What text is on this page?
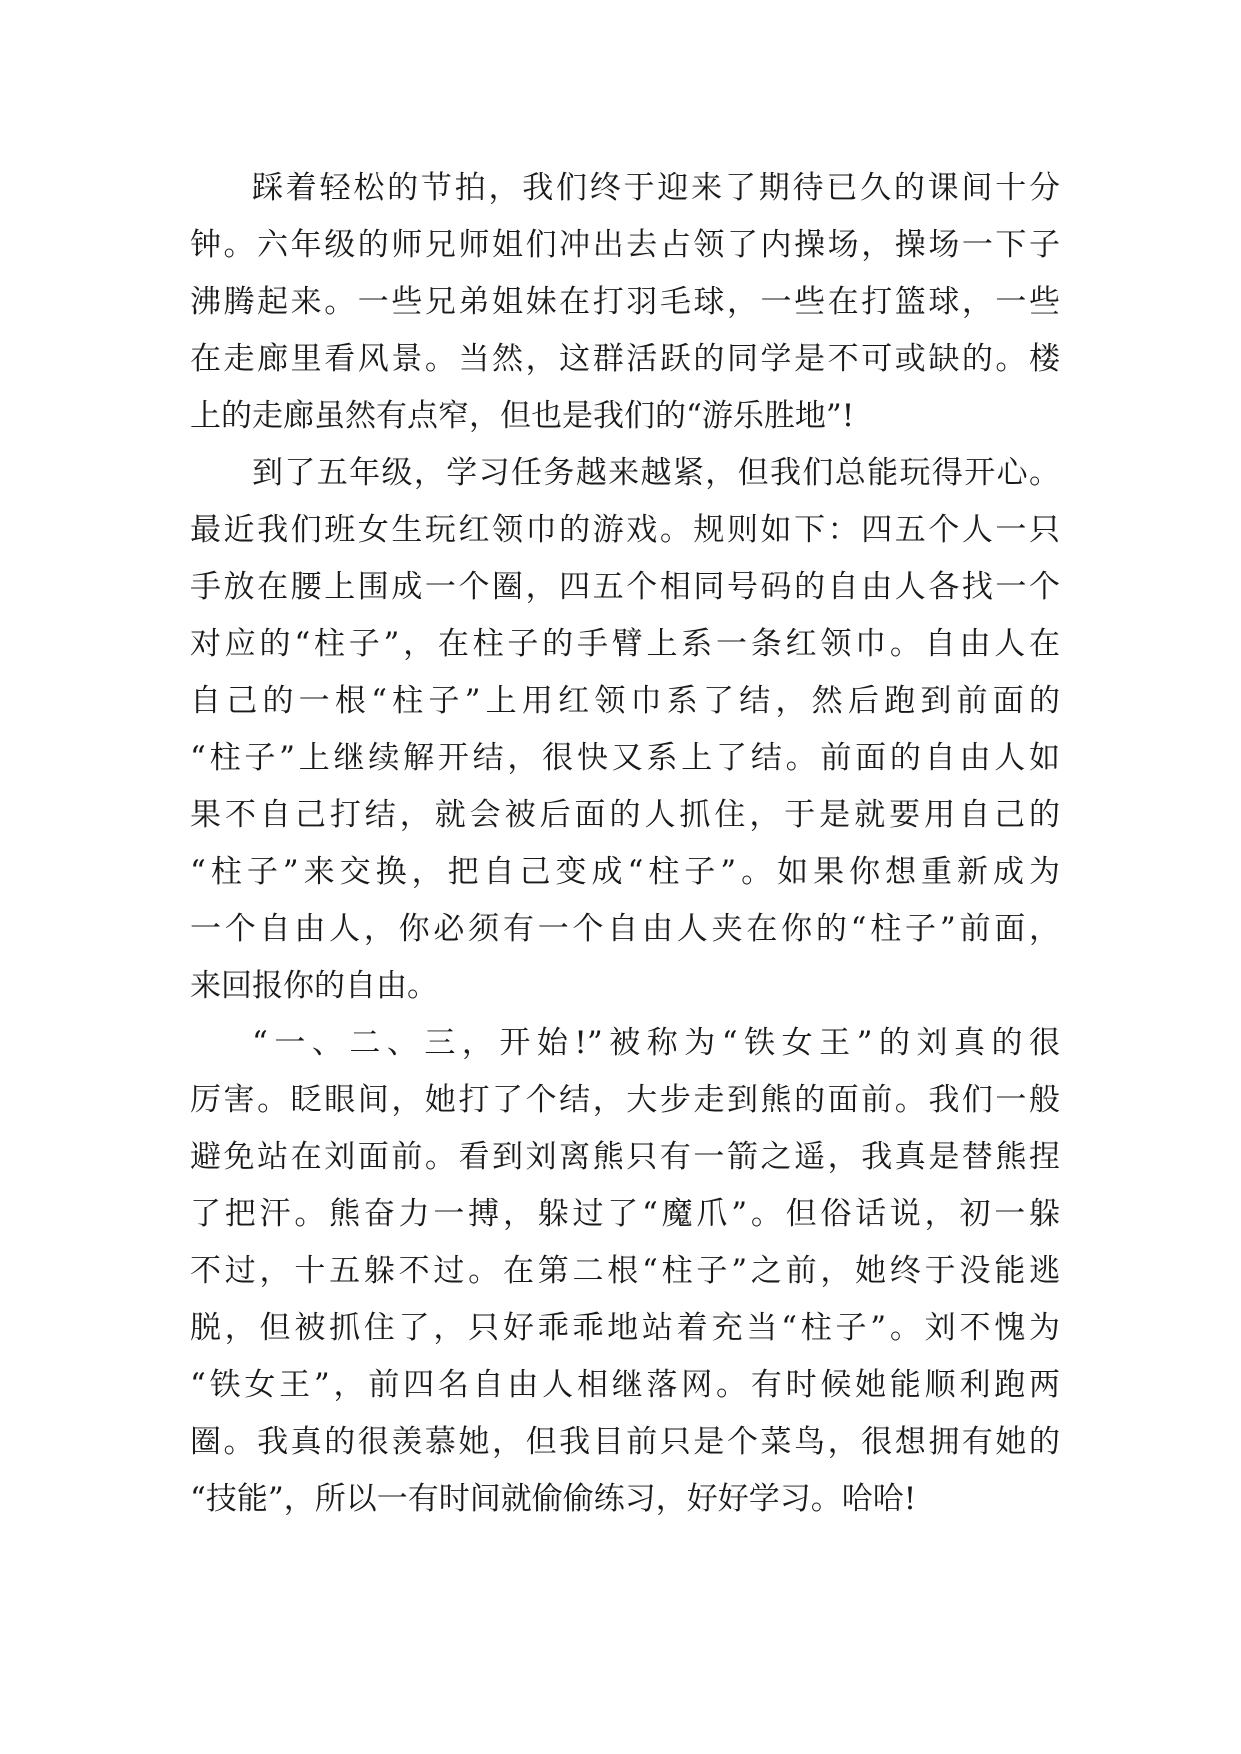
踩着轻松的节拍，我们终于迎来了期待已久的课间十分
钟。六年级的师兄师姐们冲出去占领了内操场，操场一下子
沸腾起来。一些兄弟姐妹在打羽毛球，一些在打篮球，一些
在走廊里看风景。当然，这群活跃的同学是不可或缺的。楼
上的走廊虽然有点窄，但也是我们的“游乐胜地”!
到了五年级，学习任务越来越紧，但我们总能玩得开心。
最近我们班女生玩红领巾的游戏。规则如下：四五个人一只
手放在腰上围成一个圈，四五个相同号码的自由人各找一个
对应的“柱子”，在柱子的手臂上系一条红领巾。自由人在
自己的一根“柱子”上用红领巾系了结，然后跑到前面的
“柱子”上继续解开结，很快又系上了结。前面的自由人如
果不自己打结，就会被后面的人抓住，于是就要用自己的
“柱子”来交换，把自己变成“柱子”。如果你想重新成为
一个自由人，你必须有一个自由人夹在你的“柱子”前面，
来回报你的自由。
“一、二、三，开始!”被称为“铁女王”的刘真的很
厉害。眨眼间，她打了个结，大步走到熊的面前。我们一般
避免站在刘面前。看到刘离熊只有一箭之遥，我真是替熊捏
了把汗。熊奋力一搏，躲过了“魔爪”。但俗话说，初一躲
不过，十五躲不过。在第二根“柱子”之前，她终于没能逃
脱，但被抓住了，只好乖乖地站着充当“柱子”。刘不愧为
“铁女王”，前四名自由人相继落网。有时候她能顺利跑两
圈。我真的很羡慕她，但我目前只是个菜鸟，很想拥有她的
“技能”，所以一有时间就偷偷练习，好好学习。哈哈!
